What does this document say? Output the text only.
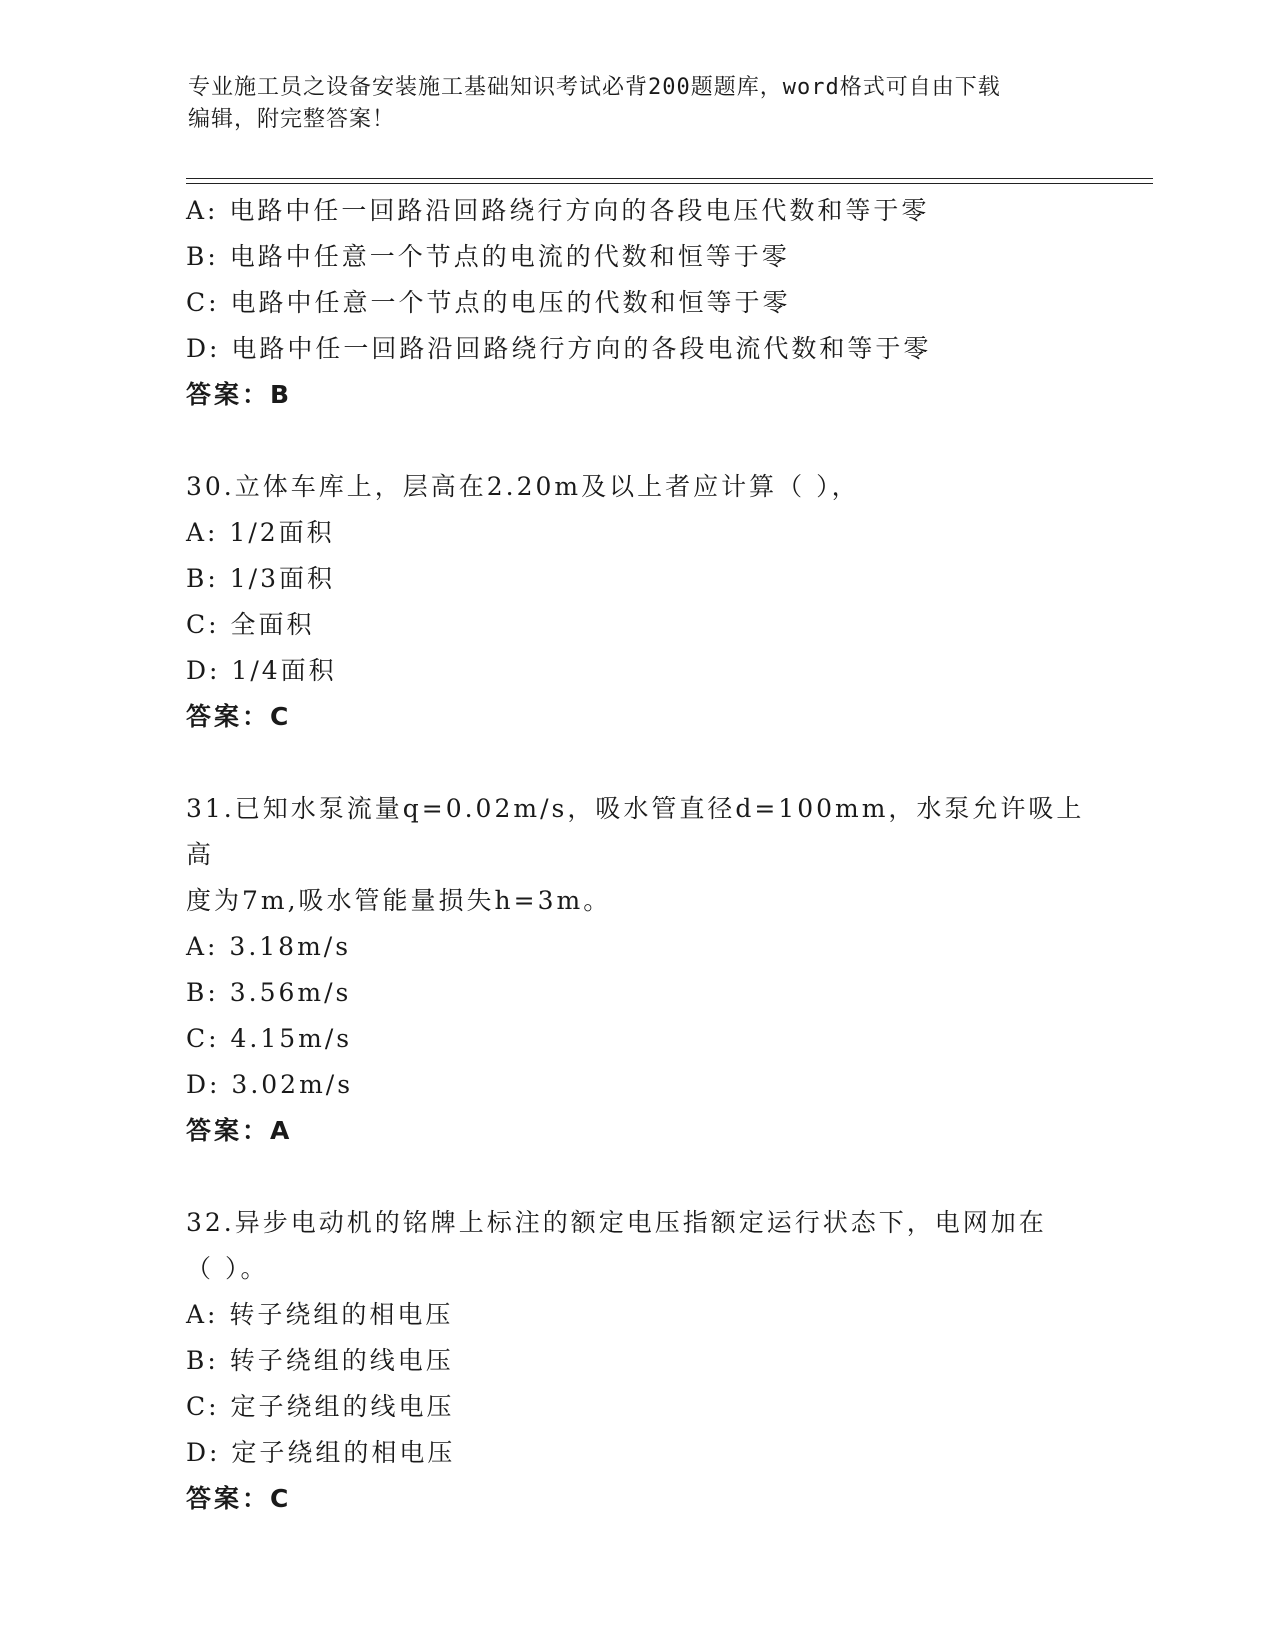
专业施工员之设备安装施工基础知识考试必背200题题库，word格式可自由下载
编辑，附完整答案！
A: 电路中任一回路沿回路绕行方向的各段电压代数和等于零
B: 电路中任意一个节点的电流的代数和恒等于零
C: 电路中任意一个节点的电压的代数和恒等于零
D: 电路中任一回路沿回路绕行方向的各段电流代数和等于零
答案：B
30.立体车库上，层高在2.20m及以上者应计算（ ），
A: 1/2面积
B: 1/3面积
C: 全面积
D: 1/4面积
答案：C
31.已知水泵流量q=0.02m/s，吸水管直径d=100mm，水泵允许吸上高
度为7m,吸水管能量损失h=3m。
A: 3.18m/s
B: 3.56m/s
C: 4.15m/s
D: 3.02m/s
答案：A
32.异步电动机的铭牌上标注的额定电压指额定运行状态下，电网加在
（ ）。
A: 转子绕组的相电压
B: 转子绕组的线电压
C: 定子绕组的线电压
D: 定子绕组的相电压
答案：C
